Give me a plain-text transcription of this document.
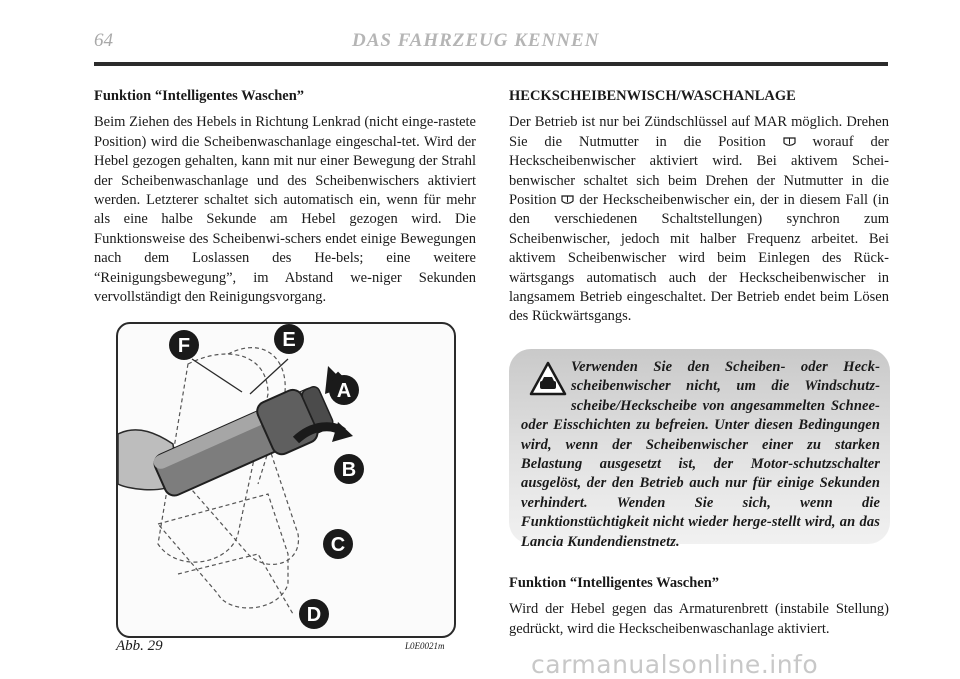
64	DAS FAHRZEUG KENNEN
Funktion “Intelligentes Waschen”

Beim Ziehen des Hebels in Richtung Lenkrad (nicht einge-rastete Position) wird die Scheibenwaschanlage eingeschal-tet. Wird der Hebel gezogen gehalten, kann mit nur einer Bewegung der Strahl der Scheibenwaschanlage und des Scheibenwischers aktiviert werden. Letzterer schaltet sich automatisch ein, wenn für mehr als eine halbe Sekunde am Hebel gezogen wird. Die Funktionsweise des Scheibenwi-schers endet einige Bewegungen nach dem Loslassen des He-bels; eine weitere “Reinigungsbewegung”, im Abstand we-niger Sekunden vervollständigt den Reinigungsvorgang.

F	E
A
B
C
D
Abb. 29	L0E0021m
HECKSCHEIBENWISCH/WASCHANLAGE

Der Betrieb ist nur bei Zündschlüssel auf MAR möglich. Drehen Sie die Nutmutter in die Position	worauf der Heckscheibenwischer aktiviert wird. Bei aktivem Schei-benwischer schaltet sich beim Drehen der Nutmutter in die Position der Heckscheibenwischer ein, der in diesem Fall (in den verschiedenen Schaltstellungen) synchron zum Scheibenwischer, jedoch mit halber Frequenz arbeitet. Bei aktivem Scheibenwischer wird beim Einlegen des Rück-wärtsgangs automatisch auch der Heckscheibenwischer in langsamem Betrieb eingeschaltet. Der Betrieb endet beim Lösen des Rückwärtsgangs.

Verwenden Sie den Scheiben- oder Heck-scheibenwischer nicht, um die Windschutz-scheibe/Heckscheibe von angesammelten Schnee- oder Eisschichten zu befreien. Unter diesen Bedingungen wird, wenn der Scheibenwischer einer zu starken Belastung ausgesetzt ist, der Motor-schutzschalter ausgelöst, der den Betrieb auch nur für einige Sekunden verhindert. Wenden Sie sich, wenn die Funktionstüchtigkeit nicht wieder herge-stellt wird, an das Lancia Kundendienstnetz.
Funktion “Intelligentes Waschen”

Wird der Hebel gegen das Armaturenbrett (instabile Stellung) gedrückt, wird die Heckscheibenwaschanlage aktiviert.

carmanualsonline.info
